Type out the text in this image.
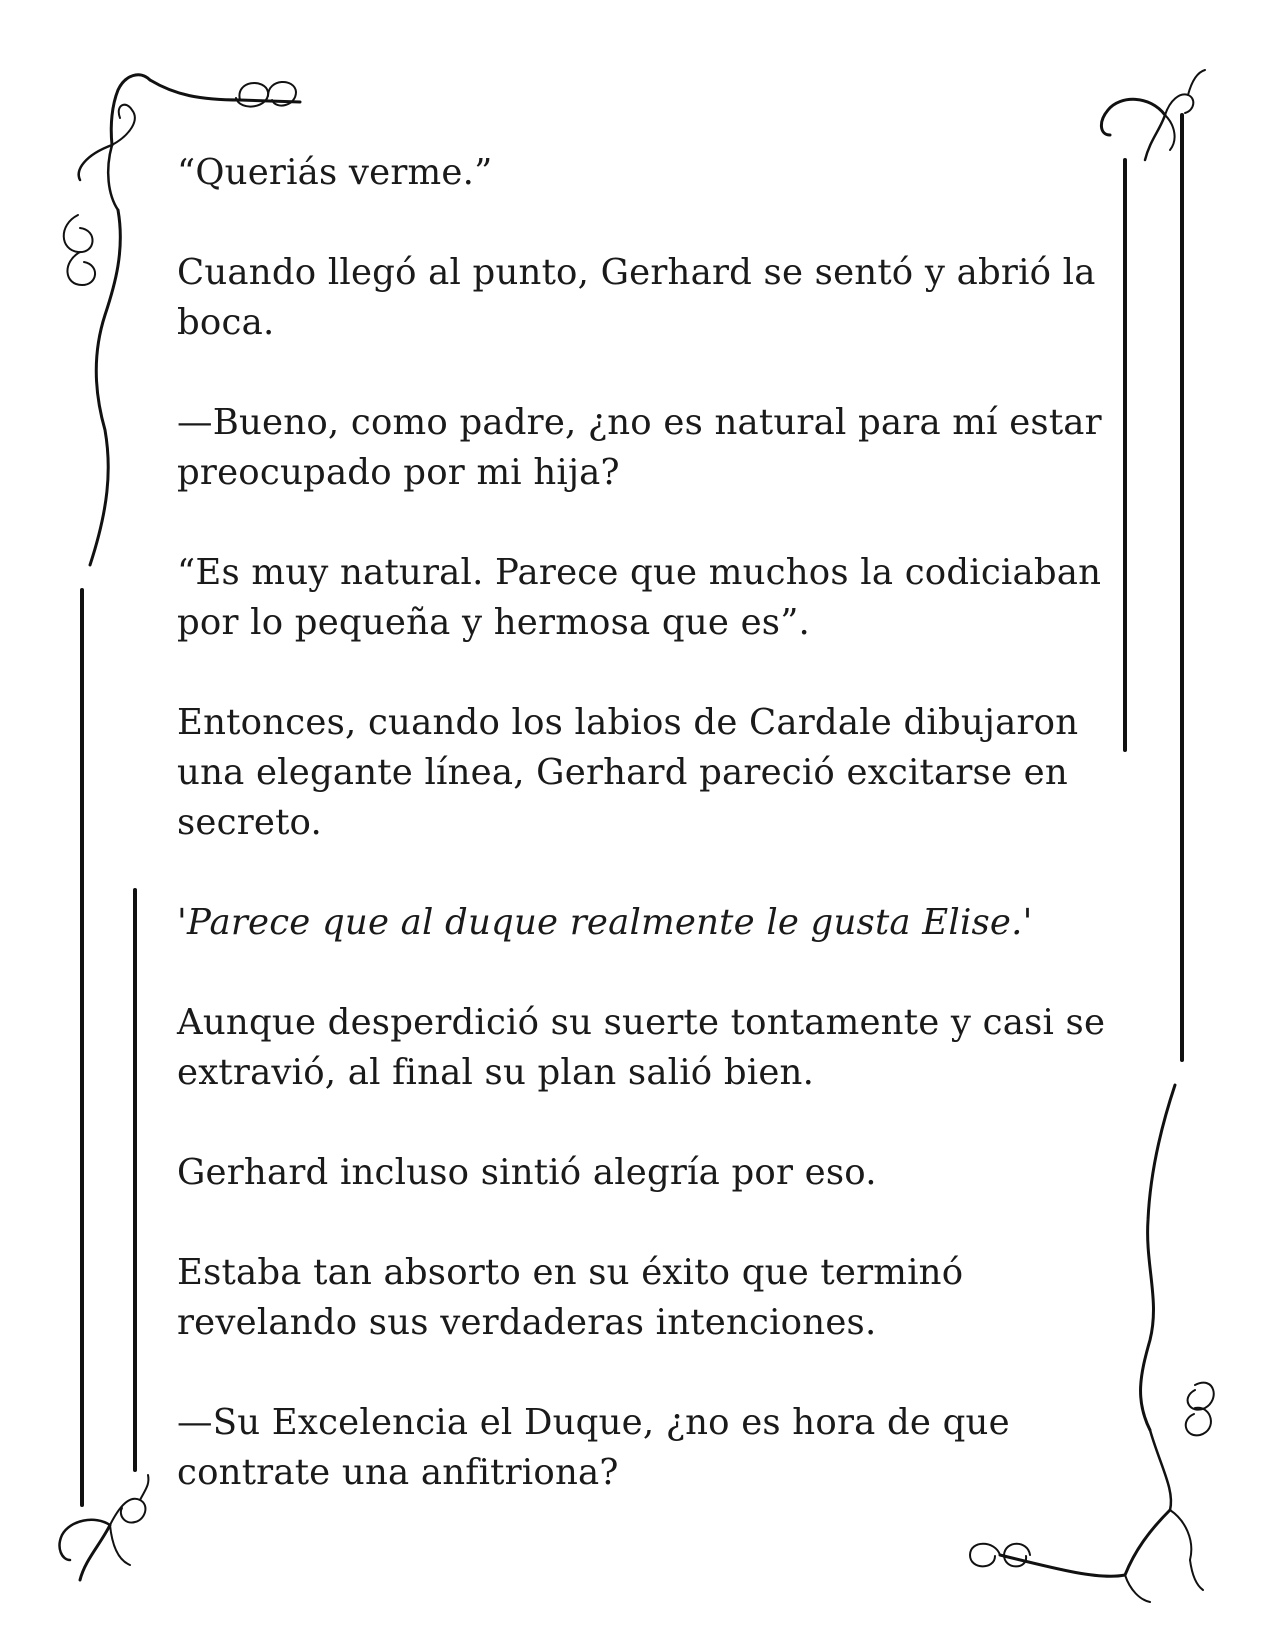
“Queriás verme.”

Cuando llegó al punto, Gerhard se sentó y abrió la boca.

—Bueno, como padre, ¿no es natural para mí estar preocupado por mi hija?

“Es muy natural. Parece que muchos la codiciaban por lo pequeña y hermosa que es”.

Entonces, cuando los labios de Cardale dibujaron una elegante línea, Gerhard pareció excitarse en secreto.

'Parece que al duque realmente le gusta Elise.'

Aunque desperdició su suerte tontamente y casi se extravió, al final su plan salió bien.

Gerhard incluso sintió alegría por eso.

Estaba tan absorto en su éxito que terminó revelando sus verdaderas intenciones.

—Su Excelencia el Duque, ¿no es hora de que contrate una anfitriona?
